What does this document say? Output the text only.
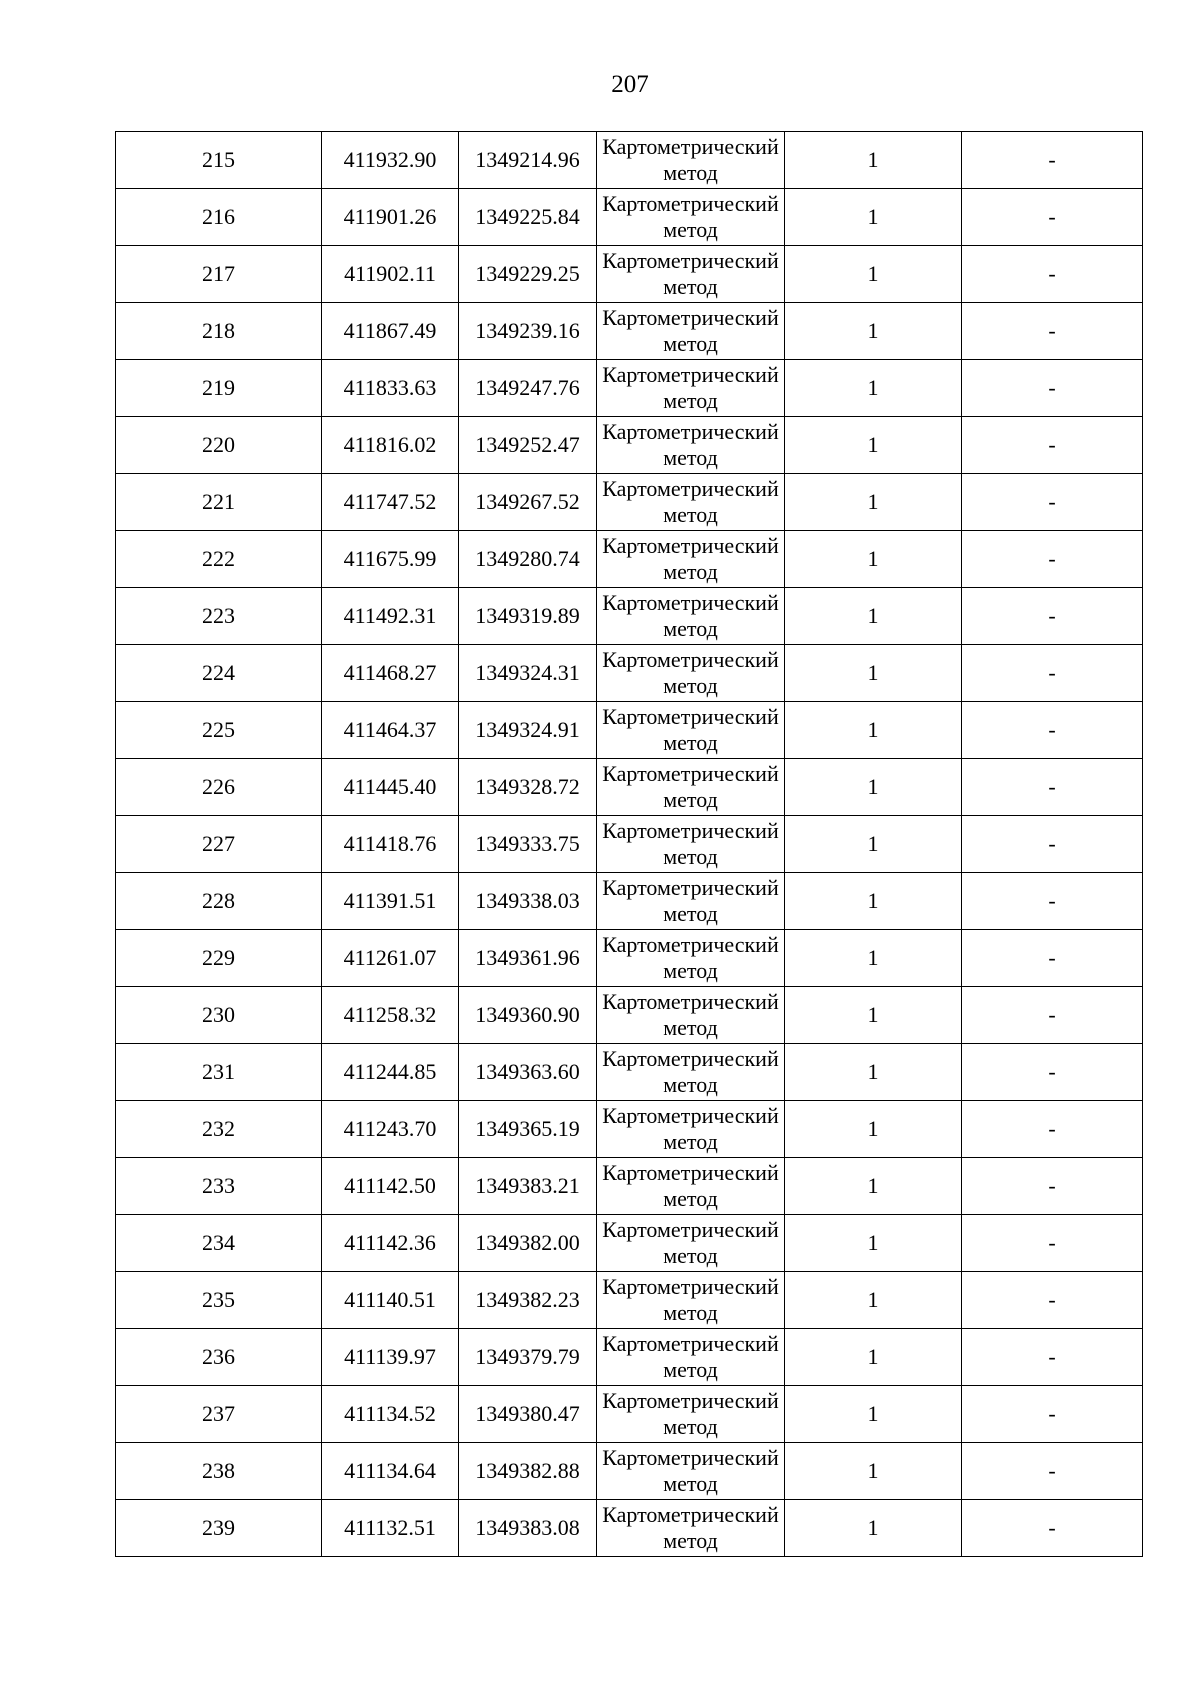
207
215	411932.90	1349214.96	Картометрический метод	1	-
216	411901.26	1349225.84	Картометрический метод	1	-
217	411902.11	1349229.25	Картометрический метод	1	-
218	411867.49	1349239.16	Картометрический метод	1	-
219	411833.63	1349247.76	Картометрический метод	1	-
220	411816.02	1349252.47	Картометрический метод	1	-
221	411747.52	1349267.52	Картометрический метод	1	-
222	411675.99	1349280.74	Картометрический метод	1	-
223	411492.31	1349319.89	Картометрический метод	1	-
224	411468.27	1349324.31	Картометрический метод	1	-
225	411464.37	1349324.91	Картометрический метод	1	-
226	411445.40	1349328.72	Картометрический метод	1	-
227	411418.76	1349333.75	Картометрический метод	1	-
228	411391.51	1349338.03	Картометрический метод	1	-
229	411261.07	1349361.96	Картометрический метод	1	-
230	411258.32	1349360.90	Картометрический метод	1	-
231	411244.85	1349363.60	Картометрический метод	1	-
232	411243.70	1349365.19	Картометрический метод	1	-
233	411142.50	1349383.21	Картометрический метод	1	-
234	411142.36	1349382.00	Картометрический метод	1	-
235	411140.51	1349382.23	Картометрический метод	1	-
236	411139.97	1349379.79	Картометрический метод	1	-
237	411134.52	1349380.47	Картометрический метод	1	-
238	411134.64	1349382.88	Картометрический метод	1	-
239	411132.51	1349383.08	Картометрический метод	1	-
